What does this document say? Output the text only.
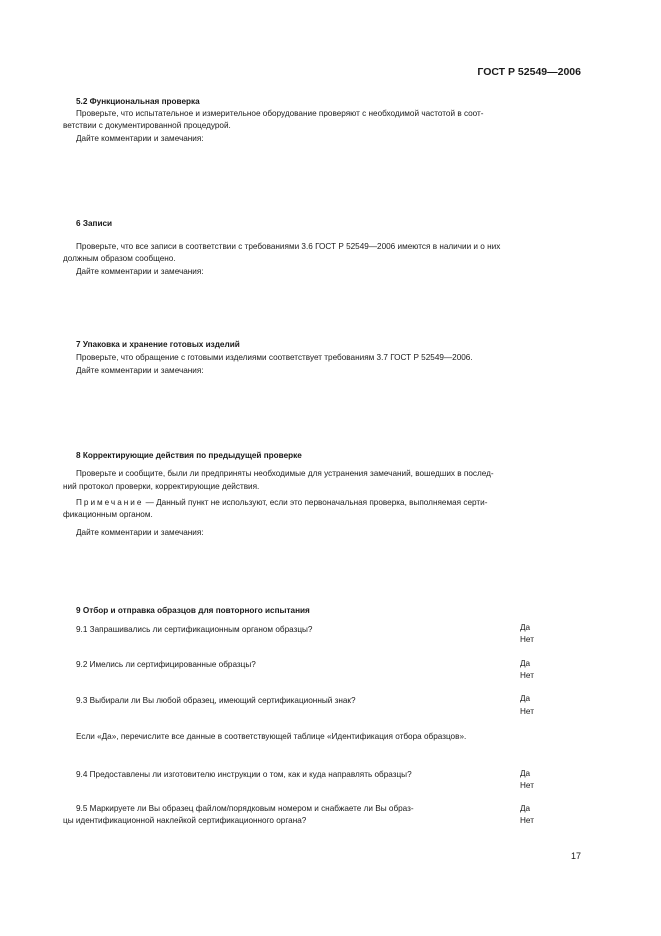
ГОСТ Р 52549—2006
5.2 Функциональная проверка
Проверьте, что испытательное и измерительное оборудование проверяют с необходимой частотой в соот-
ветствии с документированной процедурой.
Дайте комментарии и замечания:
6 Записи
Проверьте, что все записи в соответствии с требованиями 3.6 ГОСТ Р 52549—2006 имеются в наличии и о них
должным образом сообщено.
Дайте комментарии и замечания:
7 Упаковка и хранение готовых изделий
Проверьте, что обращение с готовыми изделиями соответствует требованиям 3.7 ГОСТ Р 52549—2006.
Дайте комментарии и замечания:
8 Корректирующие действия по предыдущей проверке
Проверьте и сообщите, были ли предприняты необходимые для устранения замечаний, вошедших в послед-
ний протокол проверки, корректирующие действия.
Примечание — Данный пункт не используют, если это первоначальная проверка, выполняемая серти-
фикационным органом.
Дайте комментарии и замечания:
9 Отбор и отправка образцов для повторного испытания
9.1 Запрашивались ли сертификационным органом образцы?	Да
Нет
9.2 Имелись ли сертифицированные образцы?	Да
Нет
9.3 Выбирали ли Вы любой образец, имеющий сертификационный знак?	Да
Нет
Если «Да», перечислите все данные в соответствующей таблице «Идентификация отбора образцов».
9.4 Предоставлены ли изготовителю инструкции о том, как и куда направлять образцы?	Да
Нет
9.5 Маркируете ли Вы образец файлом/порядковым номером и снабжаете ли Вы образ-
цы идентификационной наклейкой сертификационного органа?
Да
Нет
17
